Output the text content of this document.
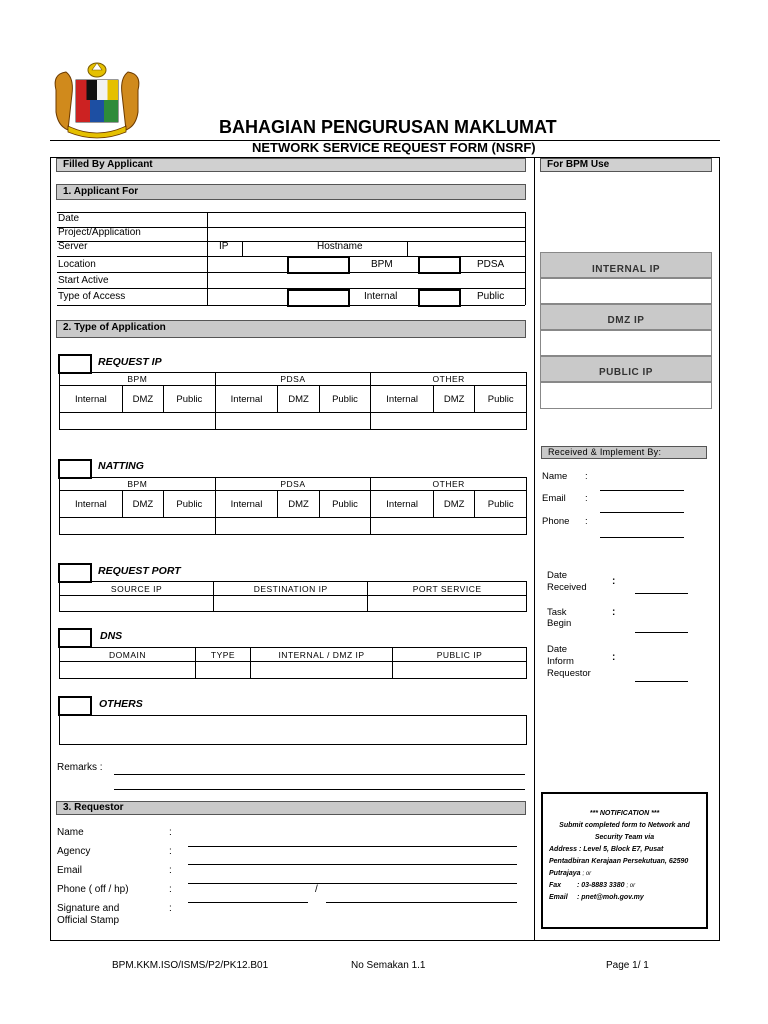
BAHAGIAN PENGURUSAN MAKLUMAT
NETWORK SERVICE REQUEST FORM (NSRF)
Filled By Applicant	For BPM Use
1. Applicant For
Date
Project/Application
Server	IP	Hostname
Location	BPM	PDSA
Start Active
Type of Access	Internal	Public
2. Type of Application
REQUEST IP
BPM			PDSA			OTHER		
Internal	DMZ	Public	Internal	DMZ	Public	Internal	DMZ	Public

NATTING
BPM			PDSA			OTHER		
Internal	DMZ	Public	Internal	DMZ	Public	Internal	DMZ	Public

REQUEST PORT
SOURCE IP	DESTINATION IP	PORT SERVICE

DNS
DOMAIN	TYPE	INTERNAL / DMZ IP	PUBLIC IP

OTHERS
Remarks :
3. Requestor
Name	:
Agency	:
Email	:
Phone ( off / hp)	:	/
Signature and	:
Official Stamp
INTERNAL IP
DMZ IP
PUBLIC IP
Received & Implement By:
Name :
Email :
Phone :
Date
Received
:
Task
Begin
:
Date
Inform
Requestor
:
*** NOTIFICATION ***
Submit completed form to Network and
Security Team via
Address : Level 5, Block E7, Pusat
Pentadbiran Kerajaan Persekutuan, 62590
Putrajaya ; or
Fax : 03-8883 3380 ; or
Email : pnet@moh.gov.my
BPM.KKM.ISO/ISMS/P2/PK12.B01	No Semakan 1.1	Page 1/ 1
